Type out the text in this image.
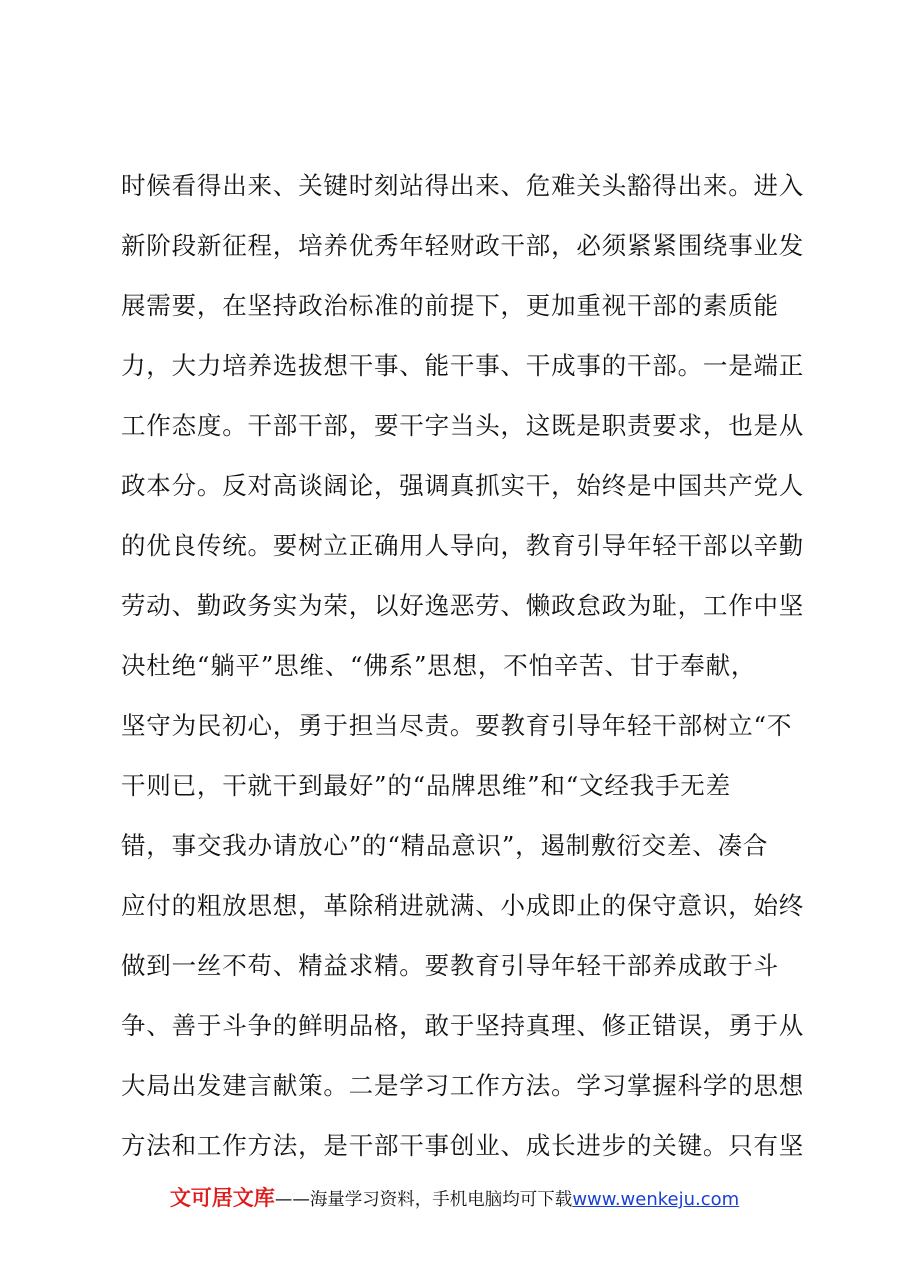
时候看得出来、关键时刻站得出来、危难关头豁得出来。进入
新阶段新征程，培养优秀年轻财政干部，必须紧紧围绕事业发
展需要，在坚持政治标准的前提下，更加重视干部的素质能
力，大力培养选拔想干事、能干事、干成事的干部。一是端正
工作态度。干部干部，要干字当头，这既是职责要求，也是从
政本分。反对高谈阔论，强调真抓实干，始终是中国共产党人
的优良传统。要树立正确用人导向，教育引导年轻干部以辛勤
劳动、勤政务实为荣，以好逸恶劳、懒政怠政为耻，工作中坚
决杜绝“躺平”思维、“佛系”思想，不怕辛苦、甘于奉献，
坚守为民初心，勇于担当尽责。要教育引导年轻干部树立“不
干则已，干就干到最好”的“品牌思维”和“文经我手无差
错，事交我办请放心”的“精品意识”，遏制敷衍交差、凑合
应付的粗放思想，革除稍进就满、小成即止的保守意识，始终
做到一丝不苟、精益求精。要教育引导年轻干部养成敢于斗
争、善于斗争的鲜明品格，敢于坚持真理、修正错误，勇于从
大局出发建言献策。二是学习工作方法。学习掌握科学的思想
方法和工作方法，是干部干事创业、成长进步的关键。只有坚
文可居文库——海量学习资料，手机电脑均可下载www.wenkeju.com
